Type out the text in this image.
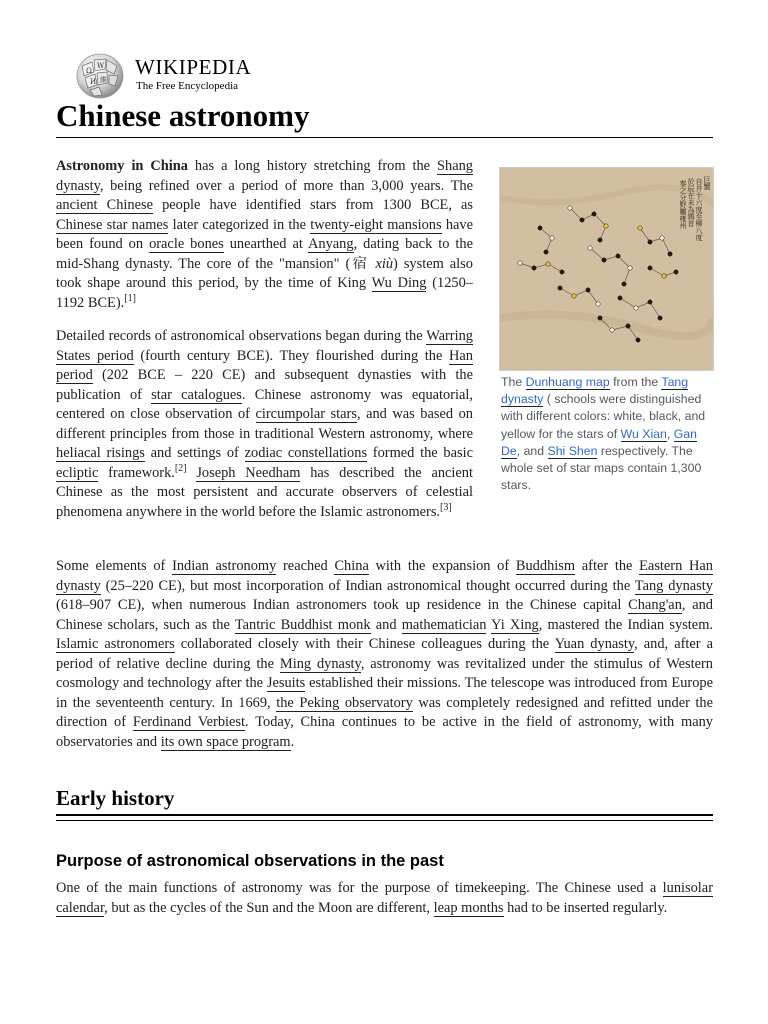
Ω
W
И 維
WIKIPEDIA
The Free Encyclopedia
Chinese astronomy
巨蟹
自井十六度至柳八度
於辰在未為鶉首
秦之分野屬雍州
The Dunhuang map from the Tang dynasty ( schools were distinguished with different colors: white, black, and yellow for the stars of Wu Xian, Gan De, and Shi Shen respectively. The whole set of star maps contain 1,300 stars.

Astronomy in China has a long history stretching from the Shang dynasty, being refined over a period of more than 3,000 years. The ancient Chinese people have identified stars from 1300 BCE, as Chinese star names later categorized in the twenty-eight mansions have been found on oracle bones unearthed at Anyang, dating back to the mid-Shang dynasty. The core of the "mansion" (宿 xiù) system also took shape around this period, by the time of King Wu Ding (1250–1192 BCE).[1]

Detailed records of astronomical observations began during the Warring States period (fourth century BCE). They flourished during the Han period (202 BCE – 220 CE) and subsequent dynasties with the publication of star catalogues. Chinese astronomy was equatorial, centered on close observation of circumpolar stars, and was based on different principles from those in traditional Western astronomy, where heliacal risings and settings of zodiac constellations formed the basic ecliptic framework.[2] Joseph Needham has described the ancient Chinese as the most persistent and accurate observers of celestial phenomena anywhere in the world before the Islamic astronomers.[3]

Some elements of Indian astronomy reached China with the expansion of Buddhism after the Eastern Han dynasty (25–220 CE), but most incorporation of Indian astronomical thought occurred during the Tang dynasty (618–907 CE), when numerous Indian astronomers took up residence in the Chinese capital Chang'an, and Chinese scholars, such as the Tantric Buddhist monk and mathematician Yi Xing, mastered the Indian system. Islamic astronomers collaborated closely with their Chinese colleagues during the Yuan dynasty, and, after a period of relative decline during the Ming dynasty, astronomy was revitalized under the stimulus of Western cosmology and technology after the Jesuits established their missions. The telescope was introduced from Europe in the seventeenth century. In 1669, the Peking observatory was completely redesigned and refitted under the direction of Ferdinand Verbiest. Today, China continues to be active in the field of astronomy, with many observatories and its own space program.

Early history
Purpose of astronomical observations in the past

One of the main functions of astronomy was for the purpose of timekeeping. The Chinese used a lunisolar calendar, but as the cycles of the Sun and the Moon are different, leap months had to be inserted regularly.
